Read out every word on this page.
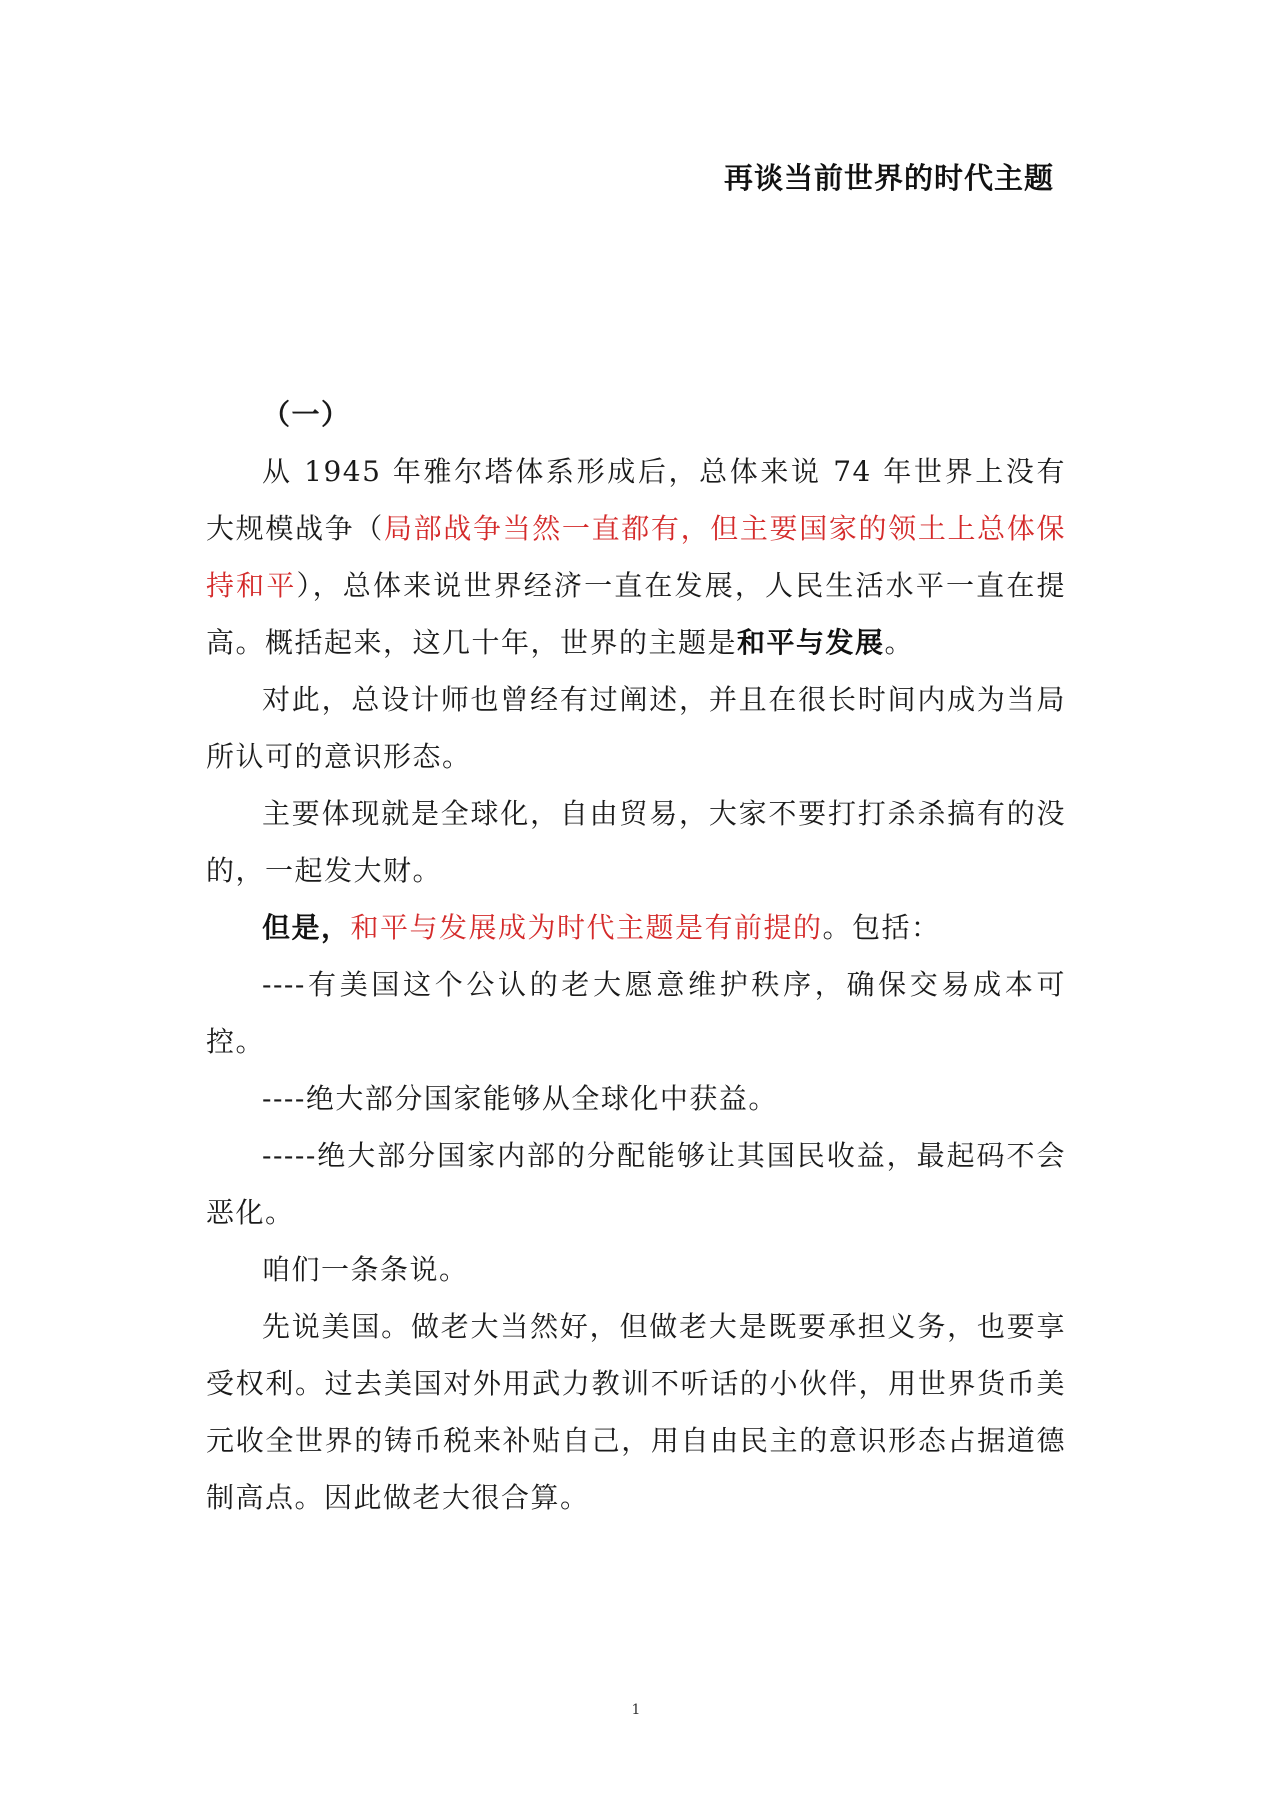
再谈当前世界的时代主题

（一）

从 1945 年雅尔塔体系形成后，总体来说 74 年世界上没有大规模战争（局部战争当然一直都有，但主要国家的领土上总体保持和平），总体来说世界经济一直在发展，人民生活水平一直在提高。概括起来，这几十年，世界的主题是和平与发展。

对此，总设计师也曾经有过阐述，并且在很长时间内成为当局所认可的意识形态。

主要体现就是全球化，自由贸易，大家不要打打杀杀搞有的没的，一起发大财。

但是，和平与发展成为时代主题是有前提的。包括：

----有美国这个公认的老大愿意维护秩序，确保交易成本可控。

----绝大部分国家能够从全球化中获益。

-----绝大部分国家内部的分配能够让其国民收益，最起码不会恶化。

咱们一条条说。

先说美国。做老大当然好，但做老大是既要承担义务，也要享受权利。过去美国对外用武力教训不听话的小伙伴，用世界货币美元收全世界的铸币税来补贴自己，用自由民主的意识形态占据道德制高点。因此做老大很合算。

1
